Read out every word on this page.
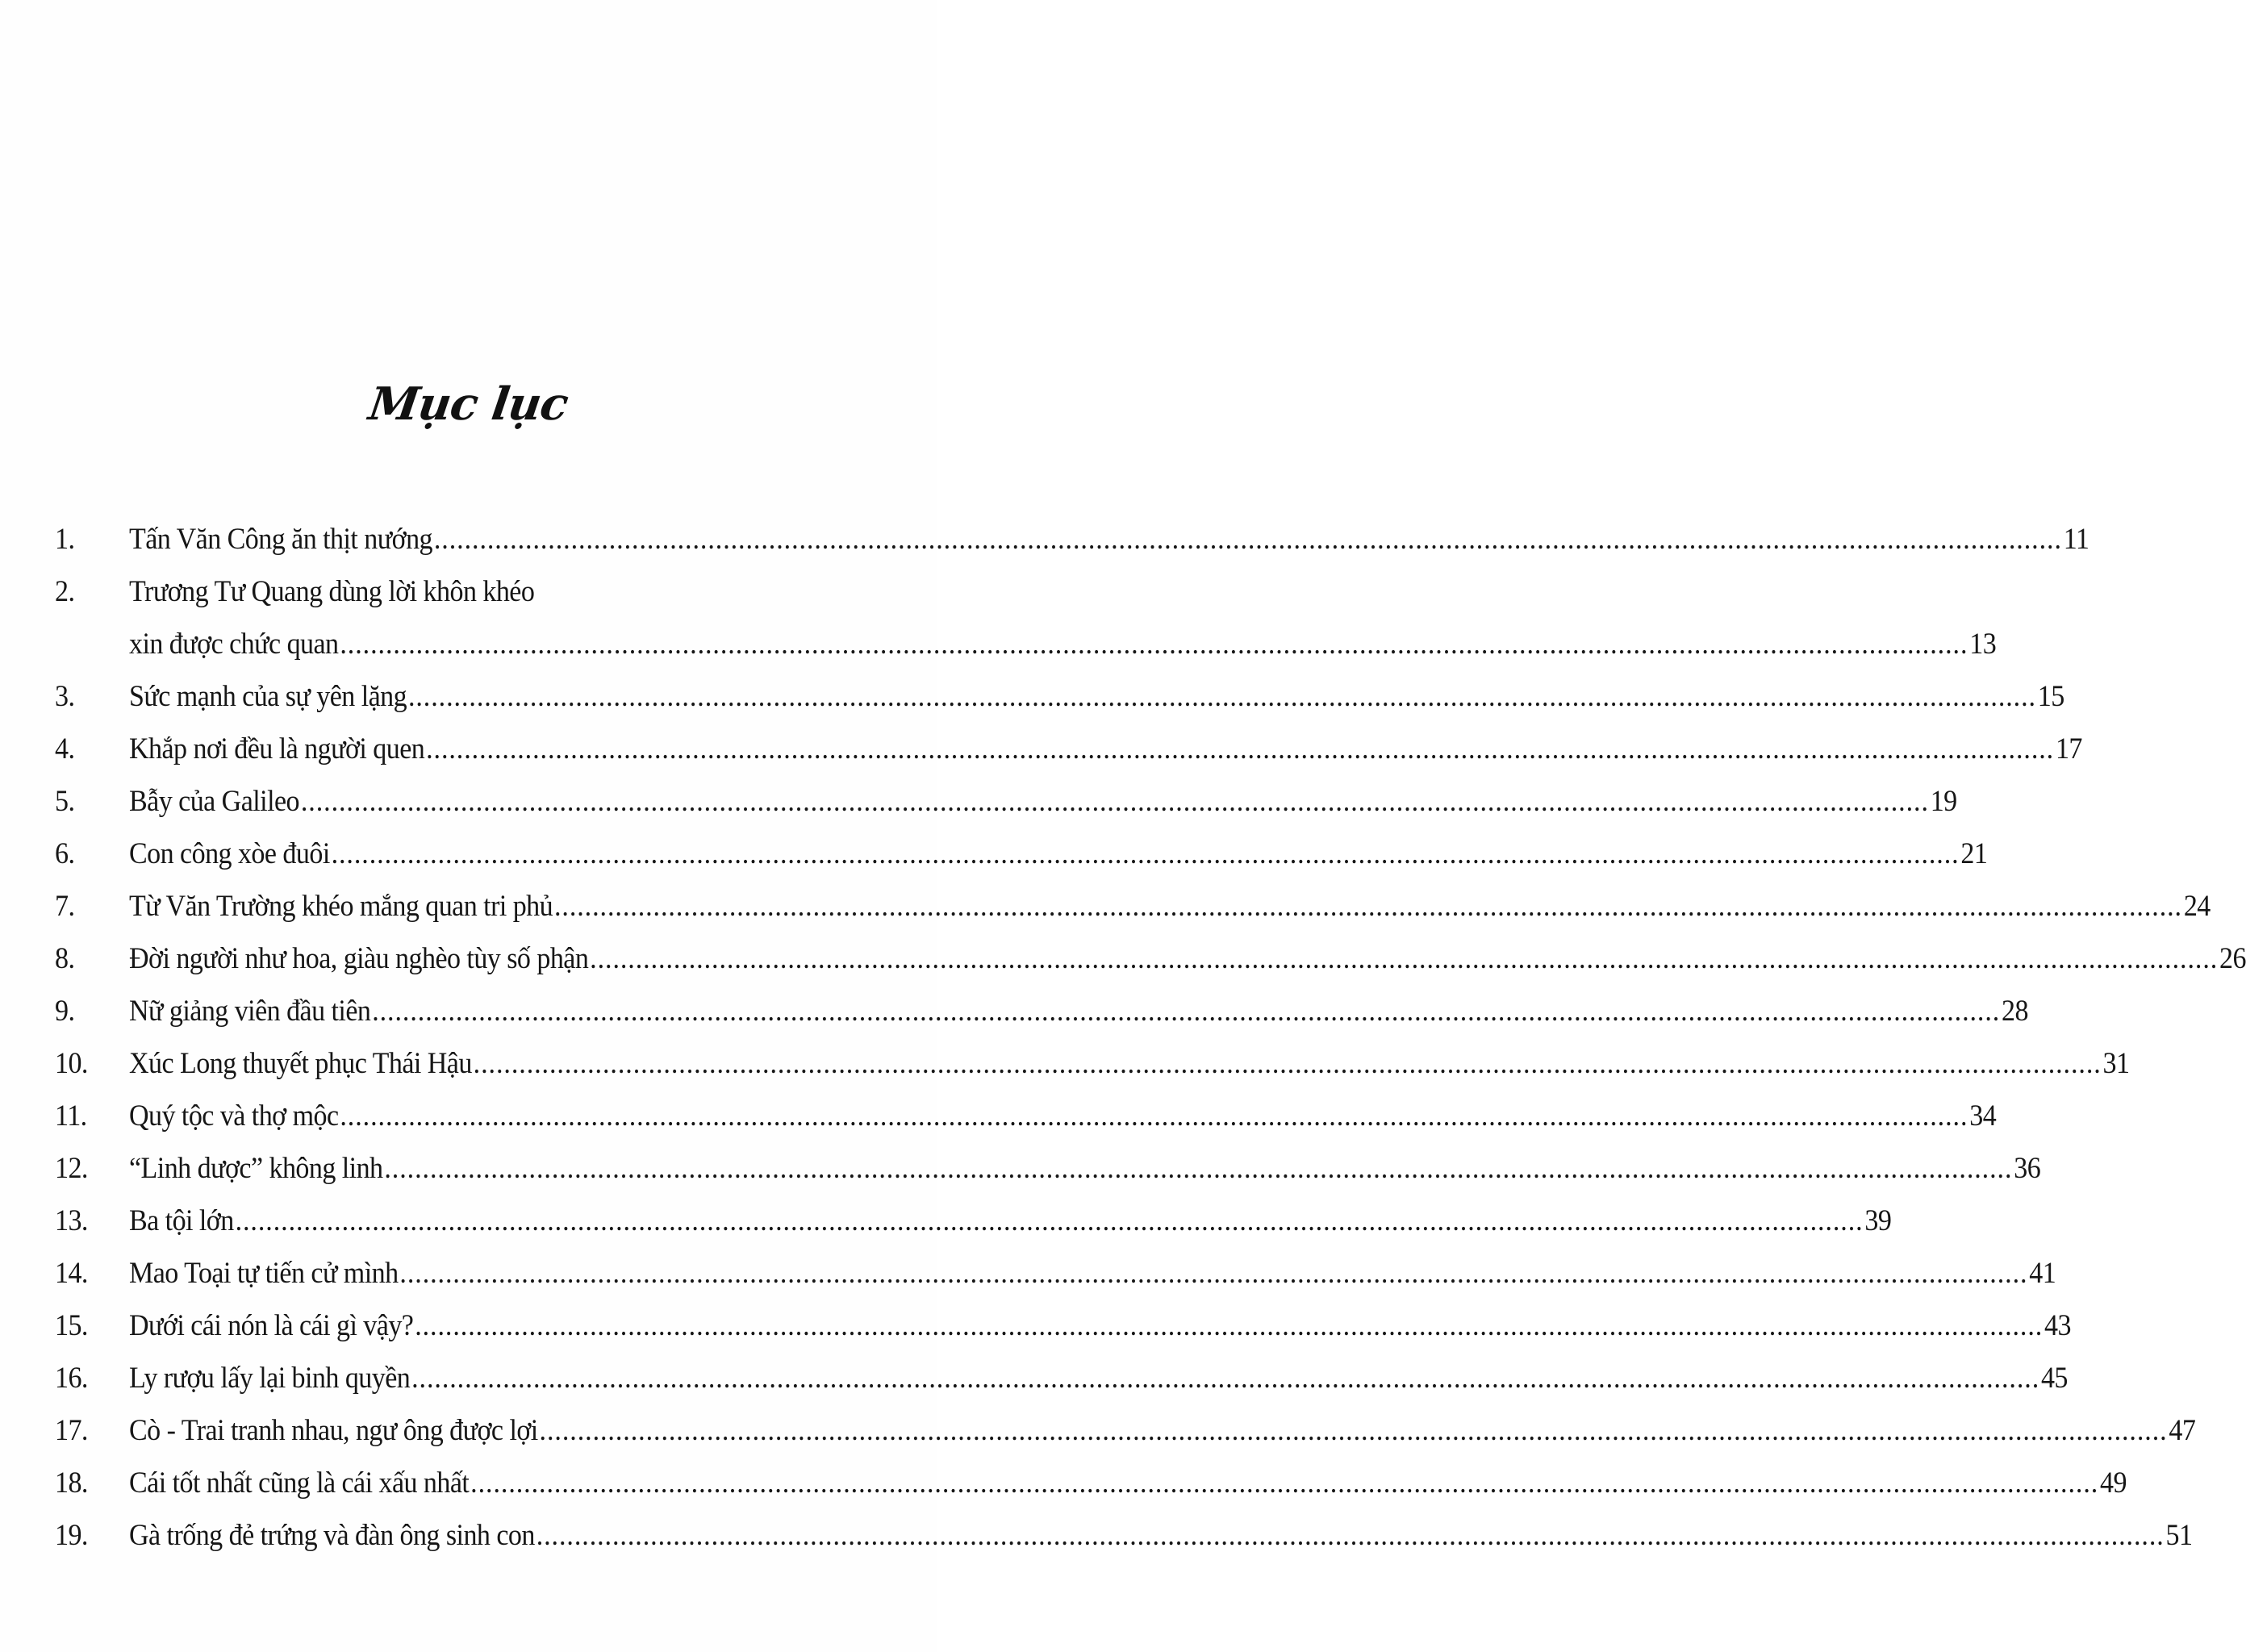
Mục lục
1.	Tấn Văn Công ăn thịt nướng .....	11
2.	Trương Tư Quang dùng lời khôn khéo
xin được chức quan .....	13
3.	Sức mạnh của sự yên lặng .....	15
4.	Khắp nơi đều là người quen .....	17
5.	Bẫy của Galileo .....	19
6.	Con công xòe đuôi .....	21
7.	Từ Văn Trường khéo mắng quan tri phủ .....	24
8.	Đời người như hoa, giàu nghèo tùy số phận .....	26
9.	Nữ giảng viên đầu tiên .....	28
10.	Xúc Long thuyết phục Thái Hậu .....	31
11.	Quý tộc và thợ mộc .....	34
12.	“Linh dược” không linh .....	36
13.	Ba tội lớn .....	39
14.	Mao Toại tự tiến cử mình .....	41
15.	Dưới cái nón là cái gì vậy? .....	43
16.	Ly rượu lấy lại binh quyền .....	45
17.	Cò - Trai tranh nhau, ngư ông được lợi .....	47
18.	Cái tốt nhất cũng là cái xấu nhất .....	49
19.	Gà trống đẻ trứng và đàn ông sinh con .....	51
